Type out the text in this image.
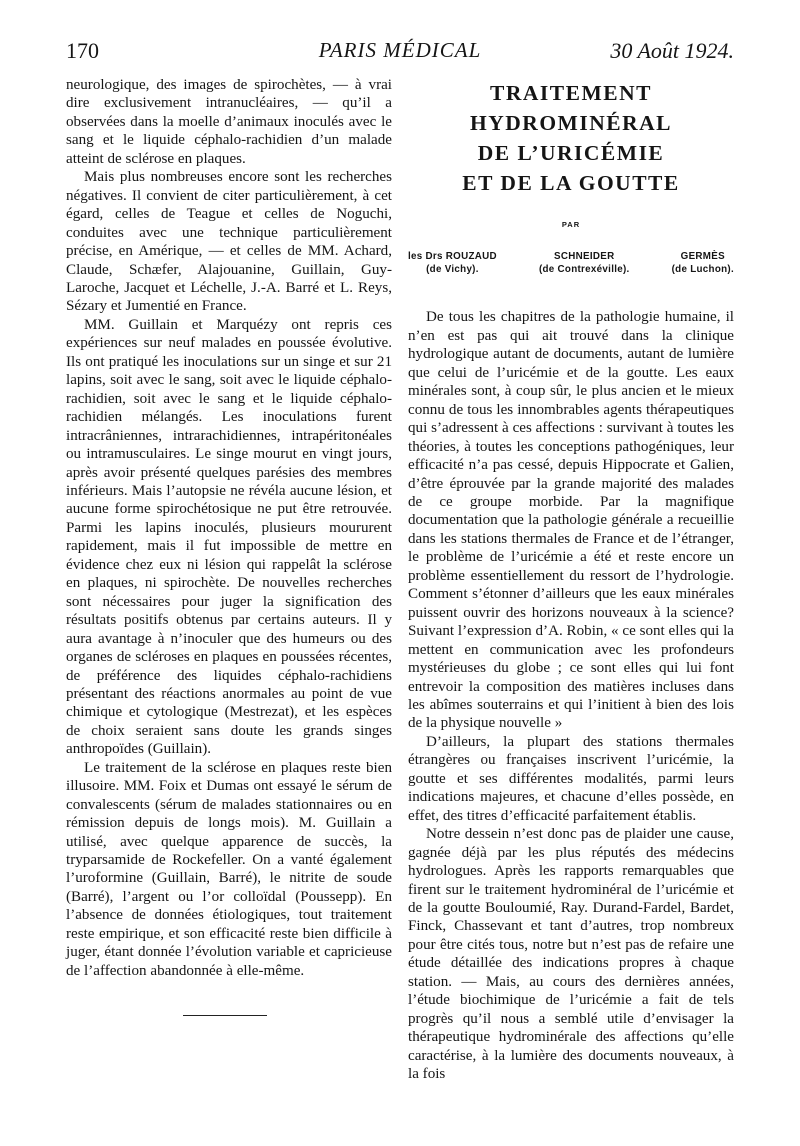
170	PARIS MÉDICAL	30 Août 1924.

neurologique, des images de spirochètes, — à vrai dire exclusivement intranucléaires, — qu’il a observées dans la moelle d’animaux inoculés avec le sang et le liquide céphalo-rachidien d’un malade atteint de sclérose en plaques.

Mais plus nombreuses encore sont les recherches négatives. Il convient de citer particulièrement, à cet égard, celles de Teague et celles de Noguchi, conduites avec une technique particulièrement précise, en Amérique, — et celles de MM. Achard, Claude, Schæfer, Alajouanine, Guillain, Guy-Laroche, Jacquet et Léchelle, J.-A. Barré et L. Reys, Sézary et Jumentié en France.

MM. Guillain et Marquézy ont repris ces expériences sur neuf malades en poussée évolutive. Ils ont pratiqué les inoculations sur un singe et sur 21 lapins, soit avec le sang, soit avec le liquide céphalo-rachidien, soit avec le sang et le liquide céphalo-rachidien mélangés. Les inoculations furent intracrâniennes, intrarachidiennes, intrapéritonéales ou intramusculaires. Le singe mourut en vingt jours, après avoir présenté quelques parésies des membres inférieurs. Mais l’autopsie ne révéla aucune lésion, et aucune forme spirochétosique ne put être retrouvée. Parmi les lapins inoculés, plusieurs moururent rapidement, mais il fut impossible de mettre en évidence chez eux ni lésion qui rappelât la sclérose en plaques, ni spirochète. De nouvelles recherches sont nécessaires pour juger la signification des résultats positifs obtenus par certains auteurs. Il y aura avantage à n’inoculer que des humeurs ou des organes de scléroses en plaques en poussées récentes, de préférence des liquides céphalo-rachidiens présentant des réactions anormales au point de vue chimique et cytologique (Mestrezat), et les espèces de choix seraient sans doute les grands singes anthropoïdes (Guillain).

Le traitement de la sclérose en plaques reste bien illusoire. MM. Foix et Dumas ont essayé le sérum de convalescents (sérum de malades stationnaires ou en rémission depuis de longs mois). M. Guillain a utilisé, avec quelque apparence de succès, la tryparsamide de Rockefeller. On a vanté également l’uroformine (Guillain, Barré), le nitrite de soude (Barré), l’argent ou l’or colloïdal (Poussepp). En l’absence de données étiologiques, tout traitement reste empirique, et son efficacité reste bien difficile à juger, étant donnée l’évolution variable et capricieuse de l’affection abandonnée à elle-même.

TRAITEMENT
HYDROMINÉRAL
DE L’URICÉMIE
ET DE LA GOUTTE
PAR
les Drs ROUZAUD
(de Vichy).
SCHNEIDER
(de Contrexéville).
GERMÈS
(de Luchon).

De tous les chapitres de la pathologie humaine, il n’en est pas qui ait trouvé dans la clinique hydrologique autant de documents, autant de lumière que celui de l’uricémie et de la goutte. Les eaux minérales sont, à coup sûr, le plus ancien et le mieux connu de tous les innombrables agents thérapeutiques qui s’adressent à ces affections : survivant à toutes les théories, à toutes les conceptions pathogéniques, leur efficacité n’a pas cessé, depuis Hippocrate et Galien, d’être éprouvée par la grande majorité des malades de ce groupe morbide. Par la magnifique documentation que la pathologie générale a recueillie dans les stations thermales de France et de l’étranger, le problème de l’uricémie a été et reste encore un problème essentiellement du ressort de l’hydrologie. Comment s’étonner d’ailleurs que les eaux minérales puissent ouvrir des horizons nouveaux à la science? Suivant l’expression d’A. Robin, « ce sont elles qui la mettent en communication avec les profondeurs mystérieuses du globe ; ce sont elles qui lui font entrevoir la composition des matières incluses dans les abîmes souterrains et qui l’initient à bien des lois de la physique nouvelle »

D’ailleurs, la plupart des stations thermales étrangères ou françaises inscrivent l’uricémie, la goutte et ses différentes modalités, parmi leurs indications majeures, et chacune d’elles possède, en effet, des titres d’efficacité parfaitement établis.

Notre dessein n’est donc pas de plaider une cause, gagnée déjà par les plus réputés des médecins hydrologues. Après les rapports remarquables que firent sur le traitement hydrominéral de l’uricémie et de la goutte Bouloumié, Ray. Durand-Fardel, Bardet, Finck, Chassevant et tant d’autres, trop nombreux pour être cités tous, notre but n’est pas de refaire une étude détaillée des indications propres à chaque station. — Mais, au cours des dernières années, l’étude biochimique de l’uricémie a fait de tels progrès qu’il nous a semblé utile d’envisager la thérapeutique hydrominérale des affections qu’elle caractérise, à la lumière des documents nouveaux, à la fois
